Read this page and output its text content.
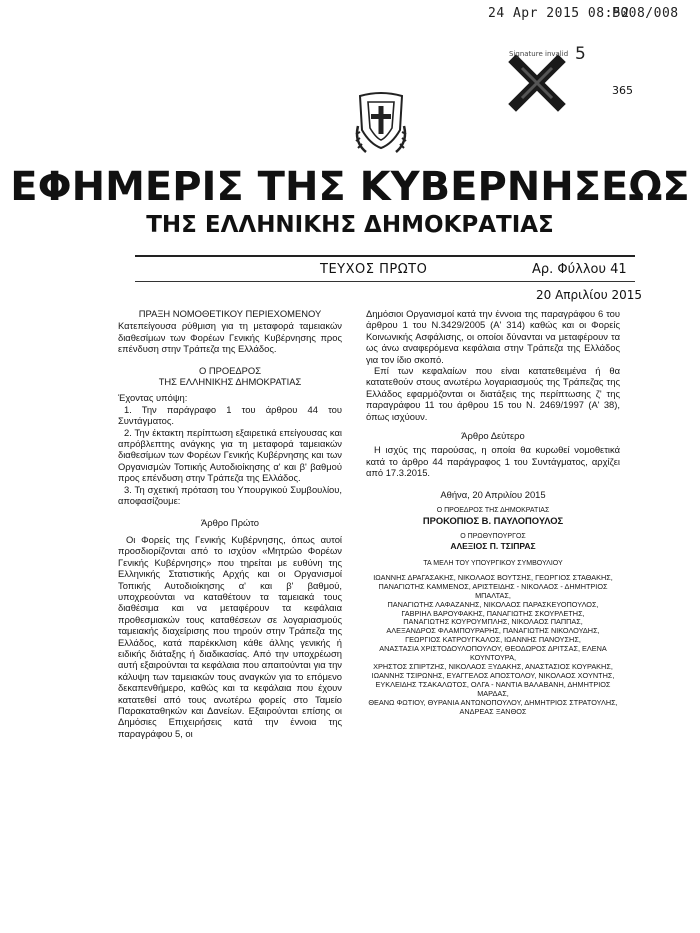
24 Apr 2015 08:52
P008/008
5
Signature invalid
365
ΕΦΗΜΕΡΙΣ ΤΗΣ ΚΥΒΕΡΝΗΣΕΩΣ
ΤΗΣ ΕΛΛΗΝΙΚΗΣ ΔΗΜΟΚΡΑΤΙΑΣ
ΤΕΥΧΟΣ ΠΡΩΤΟ	Αρ. Φύλλου 41
20 Απριλίου 2015

ΠΡΑΞΗ ΝΟΜΟΘΕΤΙΚΟΥ ΠΕΡΙΕΧΟΜΕΝΟΥ

Κατεπείγουσα ρύθμιση για τη μεταφορά ταμειακών διαθεσίμων των Φορέων Γενικής Κυβέρνησης προς επένδυση στην Τράπεζα της Ελλάδος.

Ο ΠΡΟΕΔΡΟΣ

ΤΗΣ ΕΛΛΗΝΙΚΗΣ ΔΗΜΟΚΡΑΤΙΑΣ

Έχοντας υπόψη:

1. Την παράγραφο 1 του άρθρου 44 του Συντάγματος.

2. Την έκτακτη περίπτωση εξαιρετικά επείγουσας και απρόβλεπτης ανάγκης για τη μεταφορά ταμειακών διαθεσίμων των Φορέων Γενικής Κυβέρνησης και των Οργανισμών Τοπικής Αυτοδιοίκησης α' και β' βαθμού προς επένδυση στην Τράπεζα της Ελλάδος.

3. Τη σχετική πρόταση του Υπουργικού Συμβουλίου, αποφασίζουμε:

Άρθρο Πρώτο

Οι Φορείς της Γενικής Κυβέρνησης, όπως αυτοί προσδιορίζονται από το ισχύον «Μητρώο Φορέων Γενικής Κυβέρνησης» που τηρείται με ευθύνη της Ελληνικής Στατιστικής Αρχής και οι Οργανισμοί Τοπικής Αυτοδιοίκησης α' και β' βαθμού, υποχρεούνται να καταθέτουν τα ταμειακά τους διαθέσιμα και να μεταφέρουν τα κεφάλαια προθεσμιακών τους καταθέσεων σε λογαριασμούς ταμειακής διαχείρισης που τηρούν στην Τράπεζα της Ελλάδος, κατά παρέκκλιση κάθε άλλης γενικής ή ειδικής διάταξης ή διαδικασίας. Από την υποχρέωση αυτή εξαιρούνται τα κεφάλαια που απαιτούνται για την κάλυψη των ταμειακών τους αναγκών για το επόμενο δεκαπενθήμερο, καθώς και τα κεφάλαια που έχουν κατατεθεί από τους ανωτέρω φορείς στο Ταμείο Παρακαταθηκών και Δανείων. Εξαιρούνται επίσης οι Δημόσιες Επιχειρήσεις κατά την έννοια της παραγράφου 5, οι

Δημόσιοι Οργανισμοί κατά την έννοια της παραγράφου 6 του άρθρου 1 του Ν.3429/2005 (Α' 314) καθώς και οι Φορείς Κοινωνικής Ασφάλισης, οι οποίοι δύνανται να μεταφέρουν τα ως άνω αναφερόμενα κεφάλαια στην Τράπεζα της Ελλάδος για τον ίδιο σκοπό.

Επί των κεφαλαίων που είναι κατατεθειμένα ή θα κατατεθούν στους ανωτέρω λογαριασμούς της Τράπεζας της Ελλάδος εφαρμόζονται οι διατάξεις της περίπτωσης ζ' της παραγράφου 11 του άρθρου 15 του Ν. 2469/1997 (Α' 38), όπως ισχύουν.

Άρθρο Δεύτερο

Η ισχύς της παρούσας, η οποία θα κυρωθεί νομοθετικά κατά το άρθρο 44 παράγραφος 1 του Συντάγματος, αρχίζει από 17.3.2015.

Αθήνα, 20 Απριλίου 2015

Ο ΠΡΟΕΔΡΟΣ ΤΗΣ ΔΗΜΟΚΡΑΤΙΑΣ

ΠΡΟΚΟΠΙΟΣ Β. ΠΑΥΛΟΠΟΥΛΟΣ

Ο ΠΡΩΘΥΠΟΥΡΓΟΣ

ΑΛΕΞΙΟΣ Π. ΤΣΙΠΡΑΣ

ΤΑ ΜΕΛΗ ΤΟΥ ΥΠΟΥΡΓΙΚΟΥ ΣΥΜΒΟΥΛΙΟΥ

ΙΩΑΝΝΗΣ ΔΡΑΓΑΣΑΚΗΣ, ΝΙΚΟΛΑΟΣ ΒΟΥΤΣΗΣ, ΓΕΩΡΓΙΟΣ ΣΤΑΘΑΚΗΣ,

ΠΑΝΑΓΙΩΤΗΣ ΚΑΜΜΕΝΟΣ, ΑΡΙΣΤΕΙΔΗΣ - ΝΙΚΟΛΑΟΣ - ΔΗΜΗΤΡΙΟΣ ΜΠΑΛΤΑΣ,

ΠΑΝΑΓΙΩΤΗΣ ΛΑΦΑΖΑΝΗΣ, ΝΙΚΟΛΑΟΣ ΠΑΡΑΣΚΕΥΟΠΟΥΛΟΣ,

ΓΑΒΡΙΗΛ ΒΑΡΟΥΦΑΚΗΣ, ΠΑΝΑΓΙΩΤΗΣ ΣΚΟΥΡΛΕΤΗΣ,

ΠΑΝΑΓΙΩΤΗΣ ΚΟΥΡΟΥΜΠΛΗΣ, ΝΙΚΟΛΑΟΣ ΠΑΠΠΑΣ,

ΑΛΕΞΑΝΔΡΟΣ ΦΛΑΜΠΟΥΡΑΡΗΣ, ΠΑΝΑΓΙΩΤΗΣ ΝΙΚΟΛΟΥΔΗΣ,

ΓΕΩΡΓΙΟΣ ΚΑΤΡΟΥΓΚΑΛΟΣ, ΙΩΑΝΝΗΣ ΠΑΝΟΥΣΗΣ,

ΑΝΑΣΤΑΣΙΑ ΧΡΙΣΤΟΔΟΥΛΟΠΟΥΛΟΥ, ΘΕΟΔΩΡΟΣ ΔΡΙΤΣΑΣ, ΕΛΕΝΑ ΚΟΥΝΤΟΥΡΑ,

ΧΡΗΣΤΟΣ ΣΠΙΡΤΖΗΣ, ΝΙΚΟΛΑΟΣ ΞΥΔΑΚΗΣ, ΑΝΑΣΤΑΣΙΟΣ ΚΟΥΡΑΚΗΣ,

ΙΩΑΝΝΗΣ ΤΣΙΡΩΝΗΣ, ΕΥΑΓΓΕΛΟΣ ΑΠΟΣΤΟΛΟΥ, ΝΙΚΟΛΑΟΣ ΧΟΥΝΤΗΣ,

ΕΥΚΛΕΙΔΗΣ ΤΣΑΚΑΛΩΤΟΣ, ΟΛΓΑ - ΝΑΝΤΙΑ ΒΑΛΑΒΑΝΗ, ΔΗΜΗΤΡΙΟΣ ΜΑΡΔΑΣ,

ΘΕΑΝΩ ΦΩΤΙΟΥ, ΘΥΡΑΝΙΑ ΑΝΤΩΝΟΠΟΥΛΟΥ, ΔΗΜΗΤΡΙΟΣ ΣΤΡΑΤΟΥΛΗΣ,

ΑΝΔΡΕΑΣ ΞΑΝΘΟΣ
